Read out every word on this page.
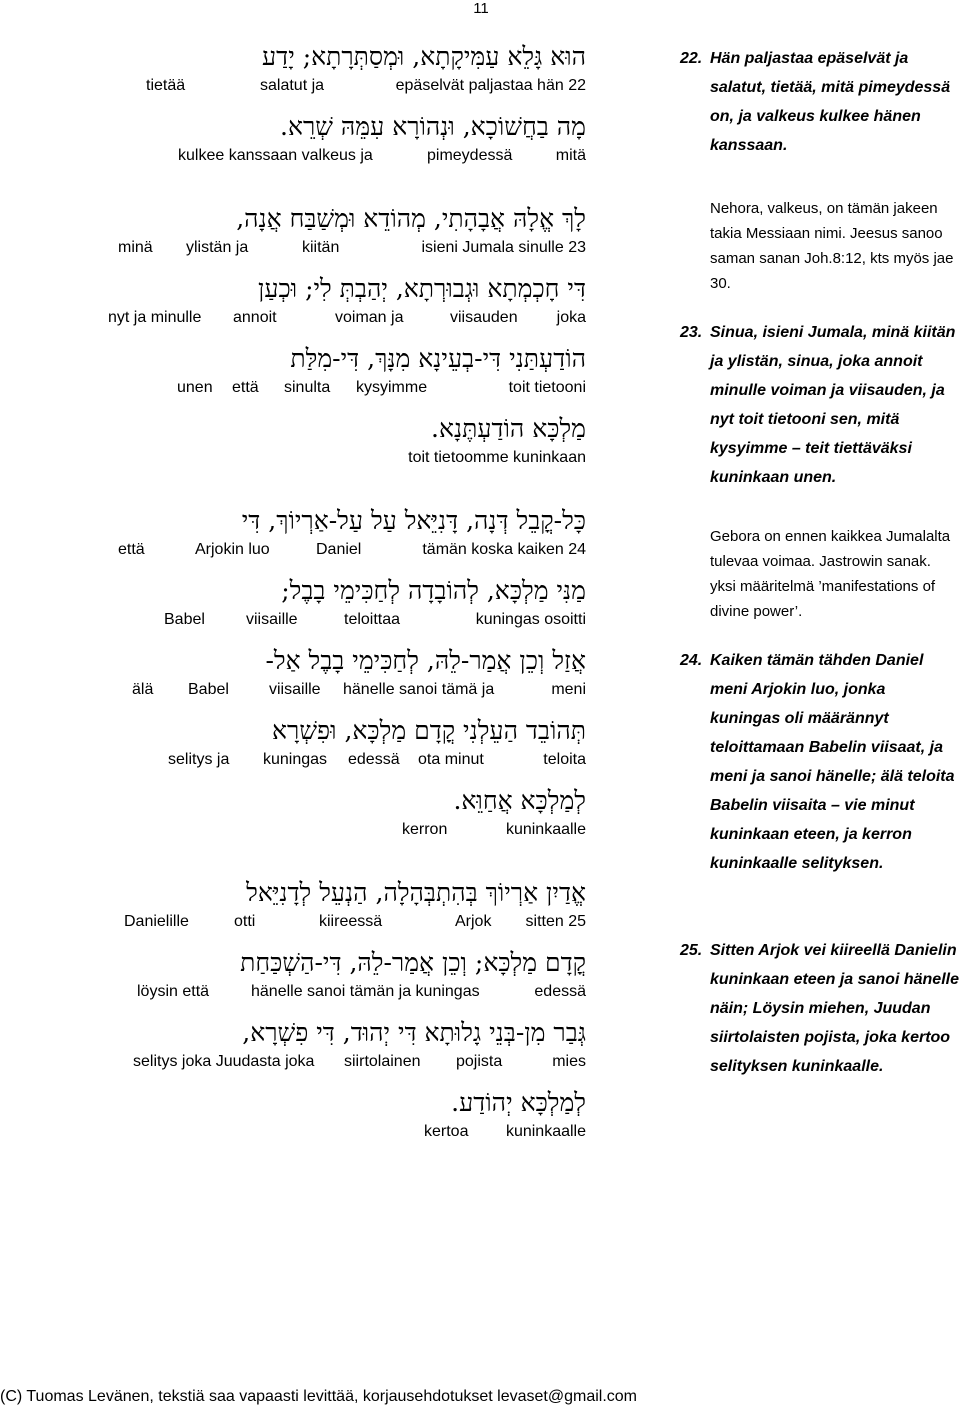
11
הוּא גָּלֵא עַמִּיקָתָא, וּמְסַתְּרָתָא; יָדַע
tietää	salatut ja	epäselvät paljastaa hän 22
מָה בַחֲשׁוֹכָא, וּנְהוֹרָא עִמֵּהּ שְׁרֵא.
kulkee kanssaan valkeus ja	pimeydessä	mitä
לָךְ אֱלָהּ אֲבָהָתִי, מְהוֹדֵא וּמְשַׁבַּח אֲנָה,
minä ylistän ja	kiitän	isieni Jumala sinulle 23
דִּי חָכְמְתָא וּגְבוּרְתָא, יְהַבְתְּ לִי; וּכְעַן
nyt ja minulle annoit	voiman ja	viisauden joka
הוֹדַעְתַּנִי דִּי-בְעֵינָא מִנָּךְ, דִּי-מִלַּת
unen että sinulta kysyimme	toit tietooni
מַלְכָּא הוֹדַעְתֶּנָא.
toit tietoomme kuninkaan
כָּל-קֳבֵל דְּנָה, דָּנִיֵּאל עַל עַל-אַרְיוֹךְ, דִּי
että	Arjokin luo	Daniel	tämän koska kaiken 24
מַנִּי מַלְכָּא, לְהוֹבָדָה לְחַכִּימֵי בָבֶל;
Babel	viisaille	teloittaa	kuningas osoitti
אֲזַל וְכֵן אֲמַר-לֵהּ, לְחַכִּימֵי בָבֶל אַל-
älä Babel	viisaille hänelle sanoi tämä ja	meni
תְּהוֹבֵד הַעֵלְנִי קֳדָם מַלְכָּא, וּפִשְׁרָא
selitys ja kuningas edessä ota minut	teloita
לְמַלְכָּא אֲחַוֵּא.
kerron	kuninkaalle
אֱדַיִן אַרְיוֹךְ בְּהִתְבְּהָלָה, הַנְעֵל לְדָנִיֵּאל
Danielille	otti	kiireessä	Arjok sitten 25
קֳדָם מַלְכָּא; וְכֵן אֲמַר-לֵהּ, דִּי-הַשְׁכַּחַת
löysin että	hänelle sanoi tämän ja kuningas	edessä
גְּבַר מִן-בְּנֵי גָלוּתָא דִּי יְהוּד, דִּי פִשְׁרָא,
selitys joka Juudasta joka siirtolainen pojista	mies
לְמַלְכָּא יְהוֹדַע.
kertoa kuninkaalle
22. Hän paljastaa epäselvät ja salatut, tietää, mitä pimeydessä on, ja valkeus kulkee hänen kanssaan.
Nehora, valkeus, on tämän jakeen takia Messiaan nimi. Jeesus sanoo saman sanan Joh.8:12, kts myös jae 30.
23. Sinua, isieni Jumala, minä kiitän ja ylistän, sinua, joka annoit minulle voiman ja viisauden, ja nyt toit tietooni sen, mitä kysyimme – teit tiettäväksi kuninkaan unen.
Gebora on ennen kaikkea Jumalalta tulevaa voimaa. Jastrowin sanak. yksi määritelmä ’manifestations of divine power’.
24. Kaiken tämän tähden Daniel meni Arjokin luo, jonka kuningas oli määrännyt teloittamaan Babelin viisaat, ja meni ja sanoi hänelle; älä teloita Babelin viisaita – vie minut kuninkaan eteen, ja kerron kuninkaalle selityksen.
25. Sitten Arjok vei kiireellä Danielin kuninkaan eteen ja sanoi hänelle näin; Löysin miehen, Juudan siirtolaisten pojista, joka kertoo selityksen kuninkaalle.
(C) Tuomas Levänen, tekstiä saa vapaasti levittää, korjausehdotukset levaset@gmail.com
